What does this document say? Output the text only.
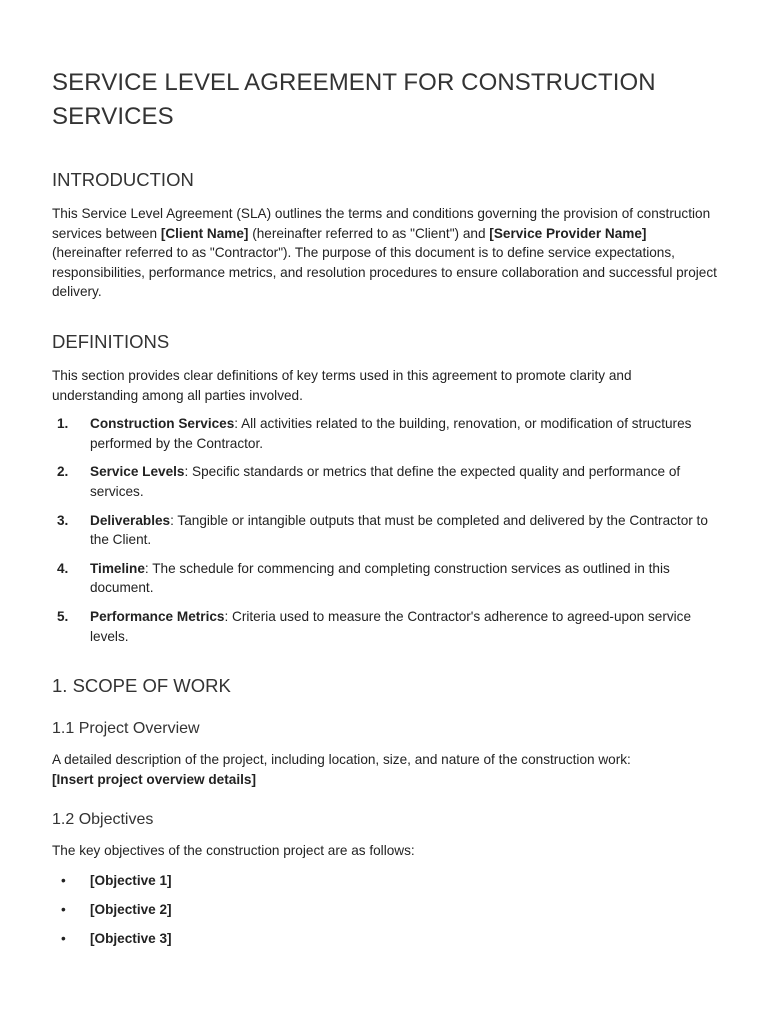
SERVICE LEVEL AGREEMENT FOR CONSTRUCTION SERVICES
INTRODUCTION

This Service Level Agreement (SLA) outlines the terms and conditions governing the provision of construction services between [Client Name] (hereinafter referred to as "Client") and [Service Provider Name] (hereinafter referred to as "Contractor"). The purpose of this document is to define service expectations, responsibilities, performance metrics, and resolution procedures to ensure collaboration and successful project delivery.

DEFINITIONS

This section provides clear definitions of key terms used in this agreement to promote clarity and understanding among all parties involved.

1. Construction Services: All activities related to the building, renovation, or modification of structures performed by the Contractor.
2. Service Levels: Specific standards or metrics that define the expected quality and performance of services.
3. Deliverables: Tangible or intangible outputs that must be completed and delivered by the Contractor to the Client.
4. Timeline: The schedule for commencing and completing construction services as outlined in this document.
5. Performance Metrics: Criteria used to measure the Contractor's adherence to agreed-upon service levels.
1. SCOPE OF WORK
1.1 Project Overview

A detailed description of the project, including location, size, and nature of the construction work:
[Insert project overview details]

1.2 Objectives

The key objectives of the construction project are as follows:

• [Objective 1]
• [Objective 2]
• [Objective 3]
